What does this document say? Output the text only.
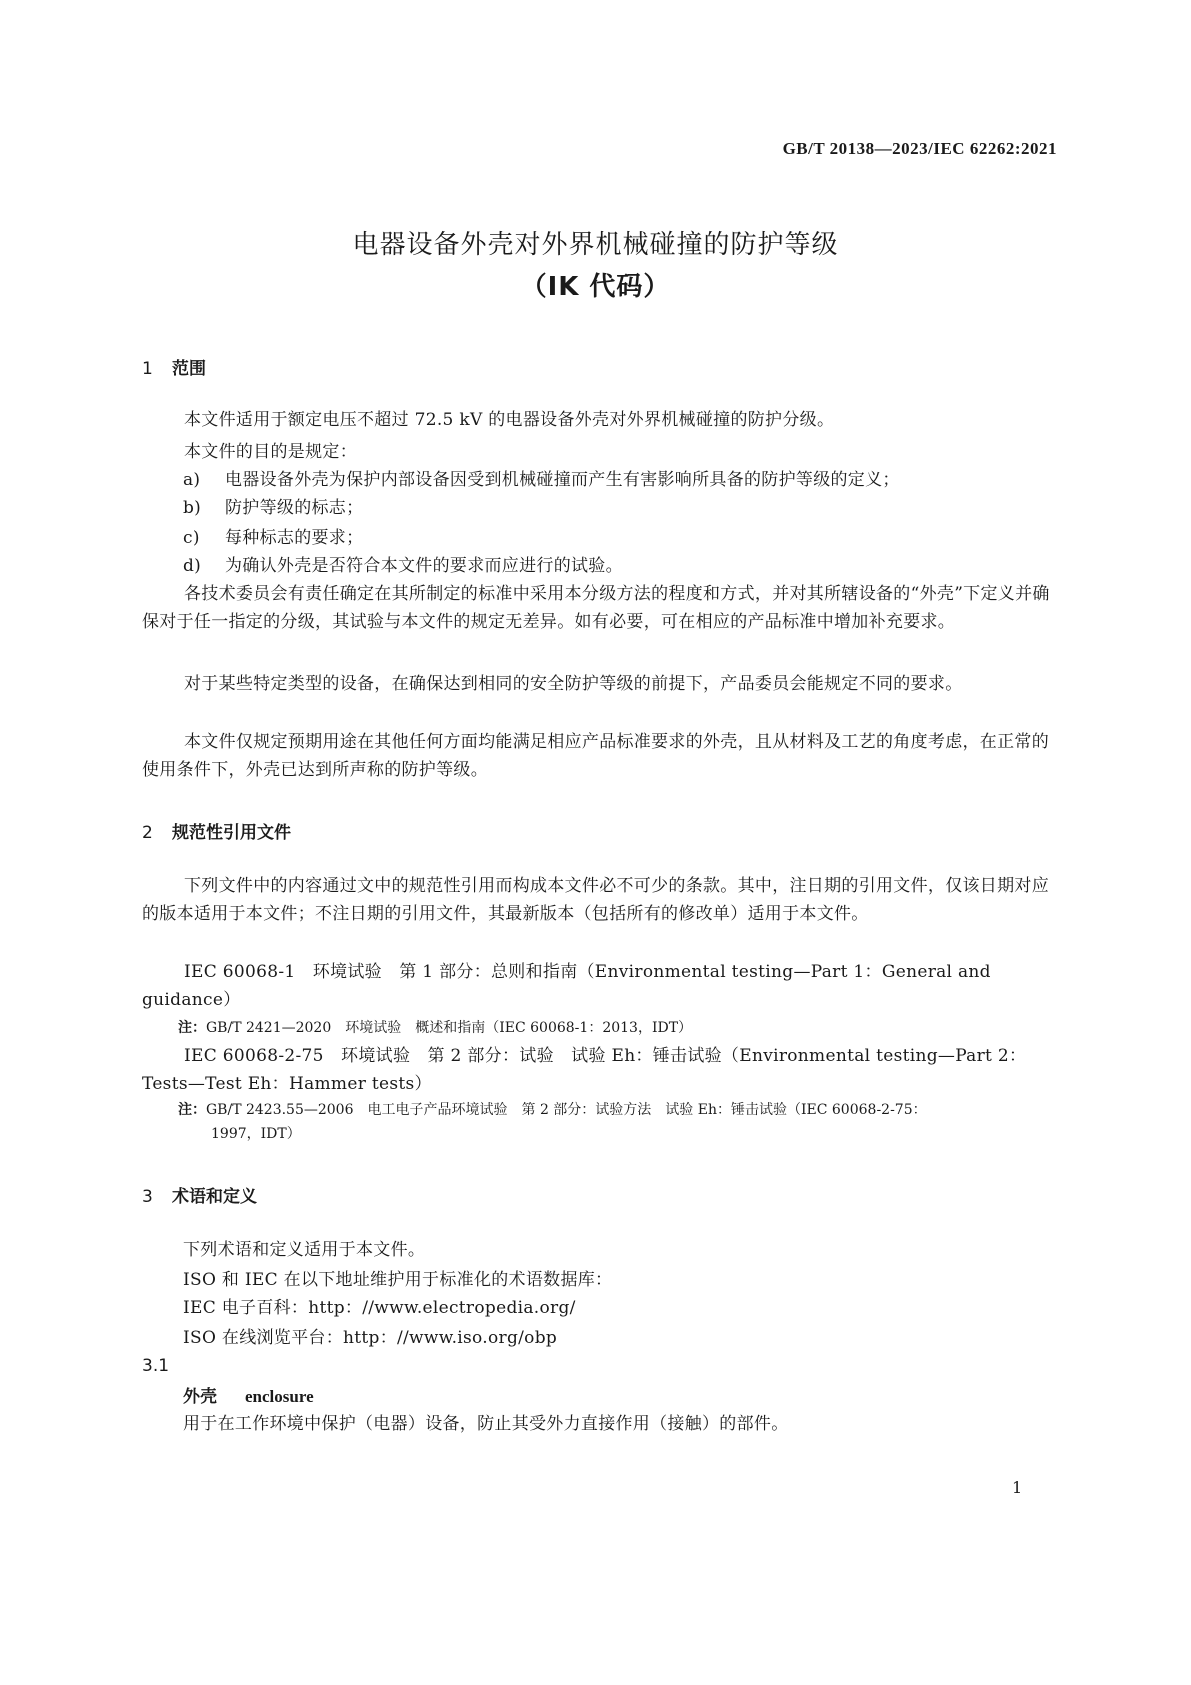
GB/T 20138—2023/IEC 62262:2021
电器设备外壳对外界机械碰撞的防护等级
（IK 代码）
1 范围
本文件适用于额定电压不超过 72.5 kV 的电器设备外壳对外界机械碰撞的防护分级。
本文件的目的是规定：
a) 电器设备外壳为保护内部设备因受到机械碰撞而产生有害影响所具备的防护等级的定义；
b) 防护等级的标志；
c) 每种标志的要求；
d) 为确认外壳是否符合本文件的要求而应进行的试验。
各技术委员会有责任确定在其所制定的标准中采用本分级方法的程度和方式，并对其所辖设备的“外壳”下定义并确保对于任一指定的分级，其试验与本文件的规定无差异。如有必要，可在相应的产品标准中增加补充要求。
对于某些特定类型的设备，在确保达到相同的安全防护等级的前提下，产品委员会能规定不同的要求。
本文件仅规定预期用途在其他任何方面均能满足相应产品标准要求的外壳，且从材料及工艺的角度考虑，在正常的使用条件下，外壳已达到所声称的防护等级。
2 规范性引用文件
下列文件中的内容通过文中的规范性引用而构成本文件必不可少的条款。其中，注日期的引用文件，仅该日期对应的版本适用于本文件；不注日期的引用文件，其最新版本（包括所有的修改单）适用于本文件。
IEC 60068-1　环境试验　第 1 部分：总则和指南（Environmental testing—Part 1：General and guidance）
注：GB/T 2421—2020　环境试验　概述和指南（IEC 60068-1：2013，IDT）
IEC 60068-2-75　环境试验　第 2 部分：试验　试验 Eh：锤击试验（Environmental testing—Part 2：Tests—Test Eh：Hammer tests）
注：GB/T 2423.55—2006　电工电子产品环境试验　第 2 部分：试验方法　试验 Eh：锤击试验（IEC 60068-2-75：
1997，IDT）
3 术语和定义
下列术语和定义适用于本文件。
ISO 和 IEC 在以下地址维护用于标准化的术语数据库：
IEC 电子百科：http：//www.electropedia.org/
ISO 在线浏览平台：http：//www.iso.org/obp
3.1
外壳 enclosure
用于在工作环境中保护（电器）设备，防止其受外力直接作用（接触）的部件。
1
